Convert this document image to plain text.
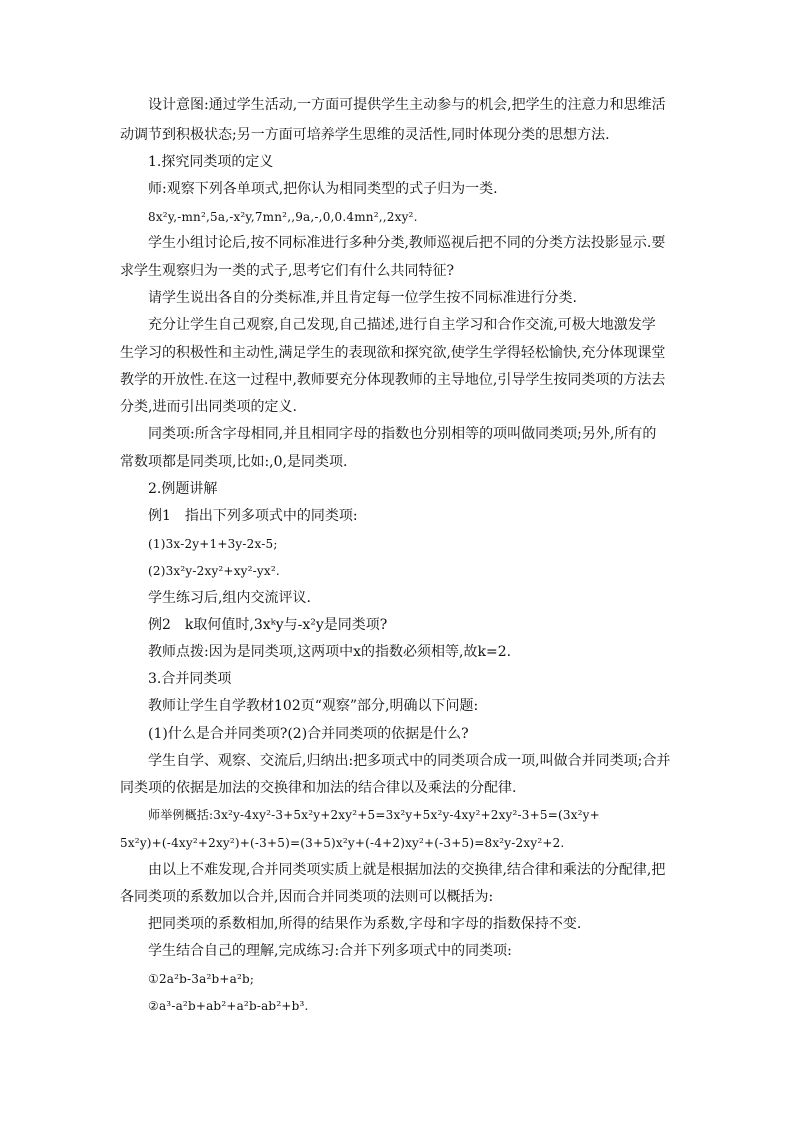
设计意图:通过学生活动,一方面可提供学生主动参与的机会,把学生的注意力和思维活
动调节到积极状态;另一方面可培养学生思维的灵活性,同时体现分类的思想方法.
1.探究同类项的定义
师:观察下列各单项式,把你认为相同类型的式子归为一类.
8x²y,-mn²,5a,-x²y,7mn²,,9a,-,0,0.4mn²,,2xy².
学生小组讨论后,按不同标准进行多种分类,教师巡视后把不同的分类方法投影显示.要
求学生观察归为一类的式子,思考它们有什么共同特征?
请学生说出各自的分类标准,并且肯定每一位学生按不同标准进行分类.
充分让学生自己观察,自己发现,自己描述,进行自主学习和合作交流,可极大地激发学
生学习的积极性和主动性,满足学生的表现欲和探究欲,使学生学得轻松愉快,充分体现课堂
教学的开放性.在这一过程中,教师要充分体现教师的主导地位,引导学生按同类项的方法去
分类,进而引出同类项的定义.
同类项:所含字母相同,并且相同字母的指数也分别相等的项叫做同类项;另外,所有的
常数项都是同类项,比如:,0,是同类项.
2.例题讲解
例1　指出下列多项式中的同类项:
(1)3x-2y+1+3y-2x-5;
(2)3x²y-2xy²+xy²-yx².
学生练习后,组内交流评议.
例2　k取何值时,3xᵏy与-x²y是同类项?
教师点拨:因为是同类项,这两项中x的指数必须相等,故k=2.
3.合并同类项
教师让学生自学教材102页“观察”部分,明确以下问题:
(1)什么是合并同类项?(2)合并同类项的依据是什么?
学生自学、观察、交流后,归纳出:把多项式中的同类项合成一项,叫做合并同类项;合并
同类项的依据是加法的交换律和加法的结合律以及乘法的分配律.
师举例概括:3x²y-4xy²-3+5x²y+2xy²+5=3x²y+5x²y-4xy²+2xy²-3+5=(3x²y+
5x²y)+(-4xy²+2xy²)+(-3+5)=(3+5)x²y+(-4+2)xy²+(-3+5)=8x²y-2xy²+2.
由以上不难发现,合并同类项实质上就是根据加法的交换律,结合律和乘法的分配律,把
各同类项的系数加以合并,因而合并同类项的法则可以概括为:
把同类项的系数相加,所得的结果作为系数,字母和字母的指数保持不变.
学生结合自己的理解,完成练习:合并下列多项式中的同类项:
①2a²b-3a²b+a²b;
②a³-a²b+ab²+a²b-ab²+b³.
